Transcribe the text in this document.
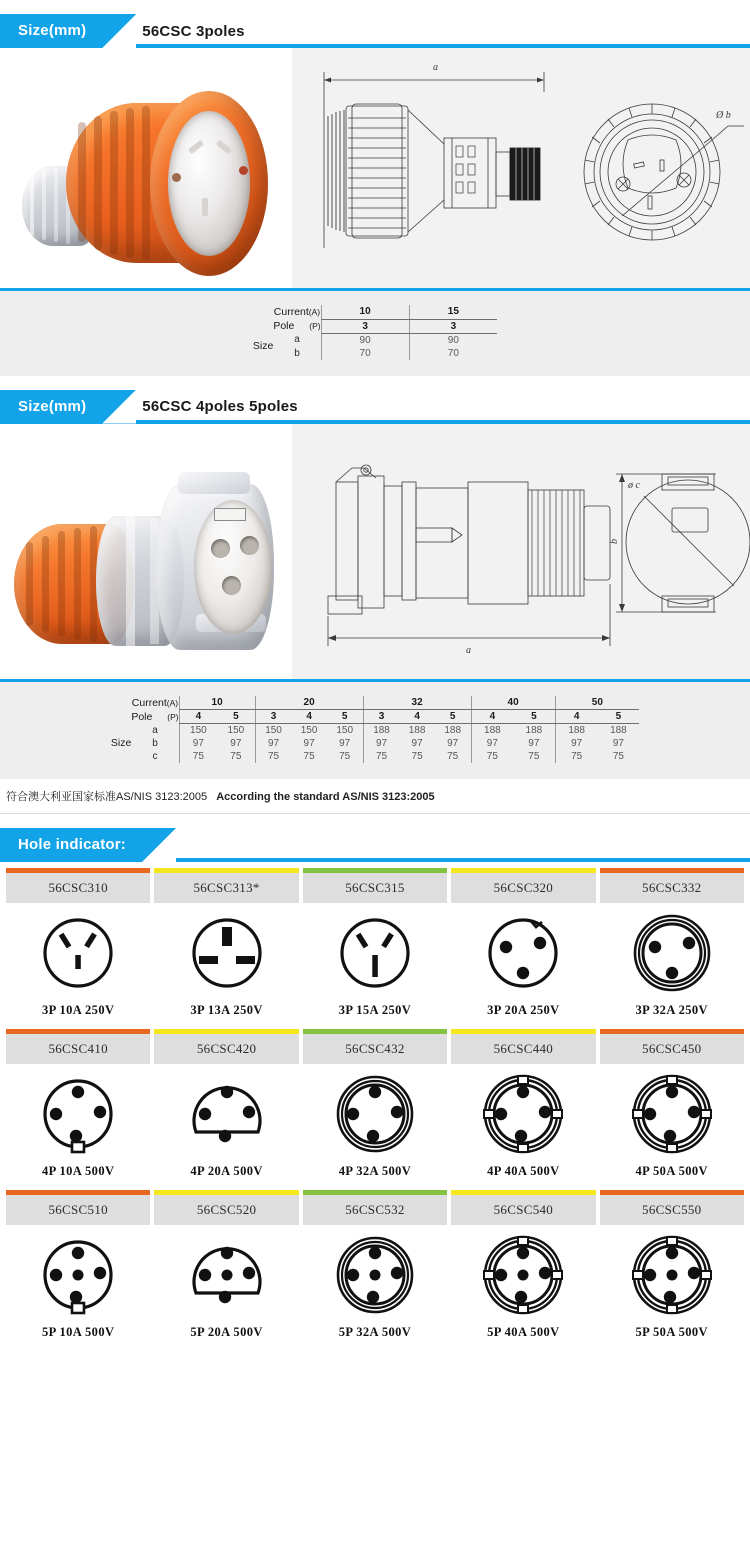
Size(mm)	56CSC 3poles
a
Ø b
	Current(A)	10	15
	Pole (P)	3	3
Size	a	90	90
	b	70	70
Size(mm)	56CSC 4poles 5poles
a
b
ø c
	Current(A)	10		20			32			40		50	
	Pole (P)	4	5	3	4	5	3	4	5	4	5	4	5
Size	a	150	150	150	150	150	188	188	188	188	188	188	188
	b	97	97	97	97	97	97	97	97	97	97	97	97
	c	75	75	75	75	75	75	75	75	75	75	75	75
符合澳大利亚国家标准AS/NIS 3123:2005 According the standard AS/NIS 3123:2005
Hole indicator:
56CSC310
3P 10A 250V
56CSC313*
3P 13A 250V
56CSC315
3P 15A 250V
56CSC320
3P 20A 250V
56CSC332
3P 32A 250V
56CSC410
4P 10A 500V
56CSC420
4P 20A 500V
56CSC432
4P 32A 500V
56CSC440
4P 40A 500V
56CSC450
4P 50A 500V
56CSC510
5P 10A 500V
56CSC520
5P 20A 500V
56CSC532
5P 32A 500V
56CSC540
5P 40A 500V
56CSC550
5P 50A 500V
